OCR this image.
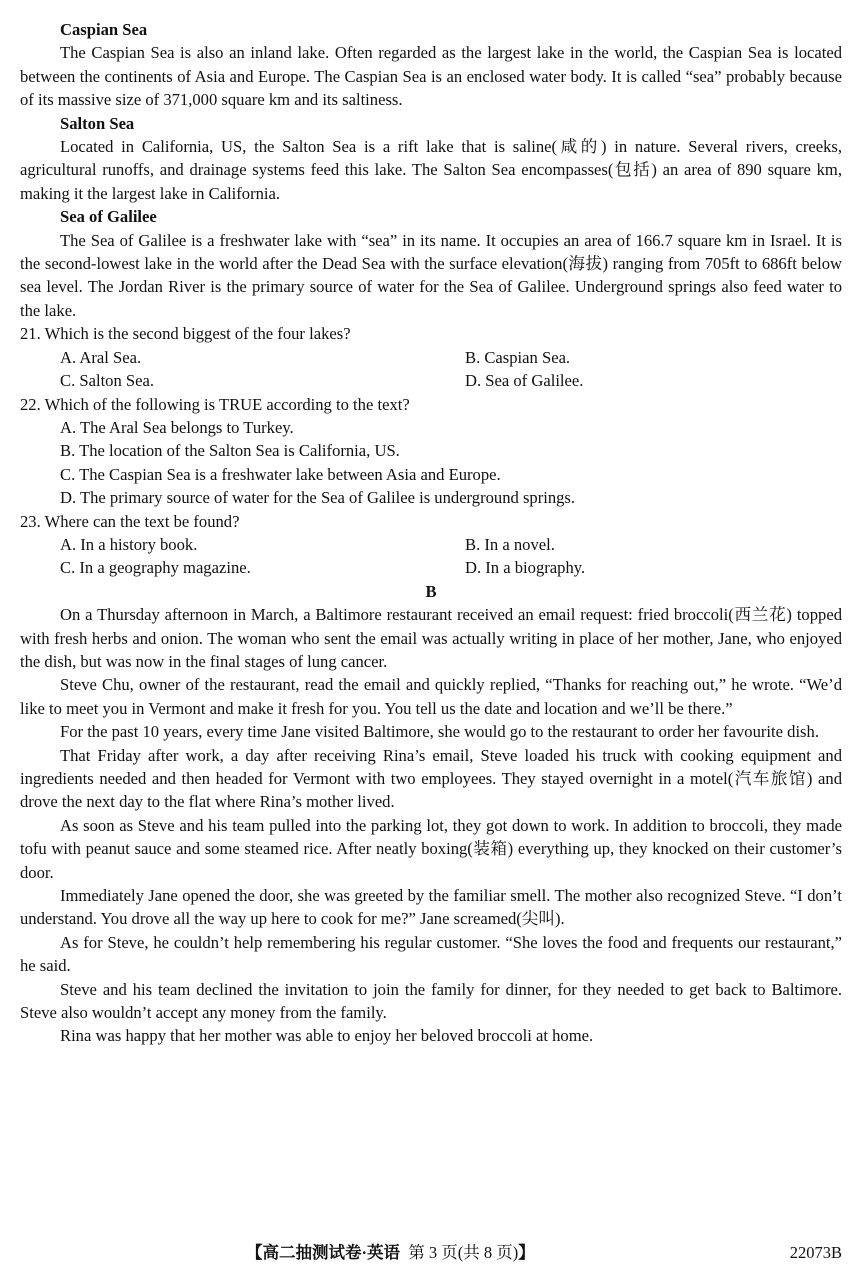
Caspian Sea

The Caspian Sea is also an inland lake. Often regarded as the largest lake in the world, the Caspian Sea is located between the continents of Asia and Europe. The Caspian Sea is an enclosed water body. It is called “sea” probably because of its massive size of 371,000 square km and its saltiness.

Salton Sea

Located in California, US, the Salton Sea is a rift lake that is saline(咸的) in nature. Several rivers, creeks, agricultural runoffs, and drainage systems feed this lake. The Salton Sea encompasses(包括) an area of 890 square km, making it the largest lake in California.

Sea of Galilee

The Sea of Galilee is a freshwater lake with “sea” in its name. It occupies an area of 166.7 square km in Israel. It is the second-lowest lake in the world after the Dead Sea with the surface elevation(海拔) ranging from 705ft to 686ft below sea level. The Jordan River is the primary source of water for the Sea of Galilee. Underground springs also feed water to the lake.

21. Which is the second biggest of the four lakes?
A. Aral Sea.	B. Caspian Sea.
C. Salton Sea.	D. Sea of Galilee.
22. Which of the following is TRUE according to the text?
A. The Aral Sea belongs to Turkey.
B. The location of the Salton Sea is California, US.
C. The Caspian Sea is a freshwater lake between Asia and Europe.
D. The primary source of water for the Sea of Galilee is underground springs.
23. Where can the text be found?
A. In a history book.	B. In a novel.
C. In a geography magazine.	D. In a biography.
B

On a Thursday afternoon in March, a Baltimore restaurant received an email request: fried broccoli(西兰花) topped with fresh herbs and onion. The woman who sent the email was actually writing in place of her mother, Jane, who enjoyed the dish, but was now in the final stages of lung cancer.

Steve Chu, owner of the restaurant, read the email and quickly replied, “Thanks for reaching out,” he wrote. “We’d like to meet you in Vermont and make it fresh for you. You tell us the date and location and we’ll be there.”

For the past 10 years, every time Jane visited Baltimore, she would go to the restaurant to order her favourite dish.

That Friday after work, a day after receiving Rina’s email, Steve loaded his truck with cooking equipment and ingredients needed and then headed for Vermont with two employees. They stayed overnight in a motel(汽车旅馆) and drove the next day to the flat where Rina’s mother lived.

As soon as Steve and his team pulled into the parking lot, they got down to work. In addition to broccoli, they made tofu with peanut sauce and some steamed rice. After neatly boxing(装箱) everything up, they knocked on their customer’s door.

Immediately Jane opened the door, she was greeted by the familiar smell. The mother also recognized Steve. “I don’t understand. You drove all the way up here to cook for me?” Jane screamed(尖叫).

As for Steve, he couldn’t help remembering his regular customer. “She loves the food and frequents our restaurant,” he said.

Steve and his team declined the invitation to join the family for dinner, for they needed to get back to Baltimore. Steve also wouldn’t accept any money from the family.

Rina was happy that her mother was able to enjoy her beloved broccoli at home.

【高二抽测试卷·英语 第 3 页(共 8 页)】	22073B
